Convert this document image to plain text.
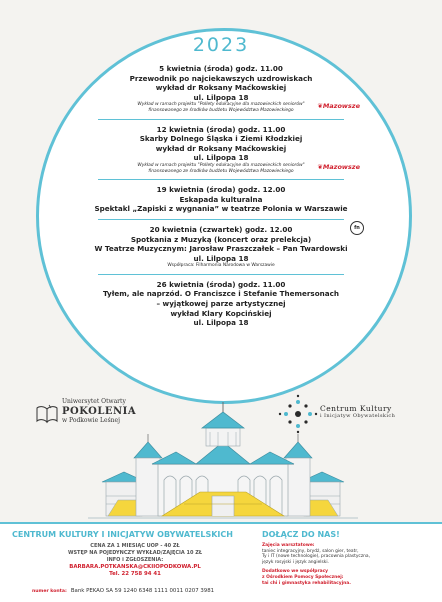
2023
5 kwietnia (środa) godz. 11.00
Przewodnik po najciekawszych uzdrowiskach
wykład dr Roksany Maćkowskiej
ul. Lilpopa 18
Wykład w ramach projektu "Pollety edukacyjne dla mazowieckich seniorów"
finansowanego ze środków budżetu Województwa Mazowieckiego
❦Mazowsze
12 kwietnia (środa) godz. 11.00
Skarby Dolnego Śląska i Ziemi Kłodzkiej
wykład dr Roksany Maćkowskiej
ul. Lilpopa 18
Wykład w ramach projektu "Pollety edukacyjne dla mazowieckich seniorów"
finansowanego ze środków budżetu Województwa Mazowieckiego
❦Mazowsze
19 kwietnia (środa) godz. 12.00
Eskapada kulturalna
Spektakl „Zapiski z wygnania” w teatrze Polonia w Warszawie
20 kwietnia (czwartek) godz. 12.00
Spotkania z Muzyką (koncert oraz prelekcja)
fn
W Teatrze Muzycznym: Jarosław Praszczałek – Pan Twardowski
ul. Lilpopa 18
Współpraca: Filharmonia Narodowa w Warszawie
26 kwietnia (środa) godz. 11.00
Tyłem, ale naprzód. O Franciszce i Stefanie Themersonach
– wyjątkowej parze artystycznej
wykład Klary Kopcińskiej
ul. Lilpopa 18
Uniwersytet Otwarty
POKOLENIA
w Podkowie Leśnej
Centrum Kultury
i Inicjatyw Obywatelskich
CENTRUM KULTURY I INICJATYW OBYWATELSKICH	DOŁĄCZ DO NAS!
CENA ZA 1 MIESIĄC UOP - 40 ZŁ
WSTĘP NA POJEDYNCZY WYKŁAD/ZAJĘCIA 10 ZŁ
INFO i ZGŁOSZENIA:
BARBARA.POTKANSKA@CKIIOPODKOWA.PL
Tel. 22 758 94 41
numer konta: Bank PEKAO SA 59 1240 6348 1111 0011 0207 3981
Zajęcia warsztatowe:
taniec integracyjny, brydż, salon gier, teatr,
Ty i IT (nowe technologie), pracownia plastyczna,
język rosyjski i język angielski.
Dodatkowo we współpracy
z Ośrodkiem Pomocy Społecznej:
tai chi i gimnastyka rehabilitacyjna.
